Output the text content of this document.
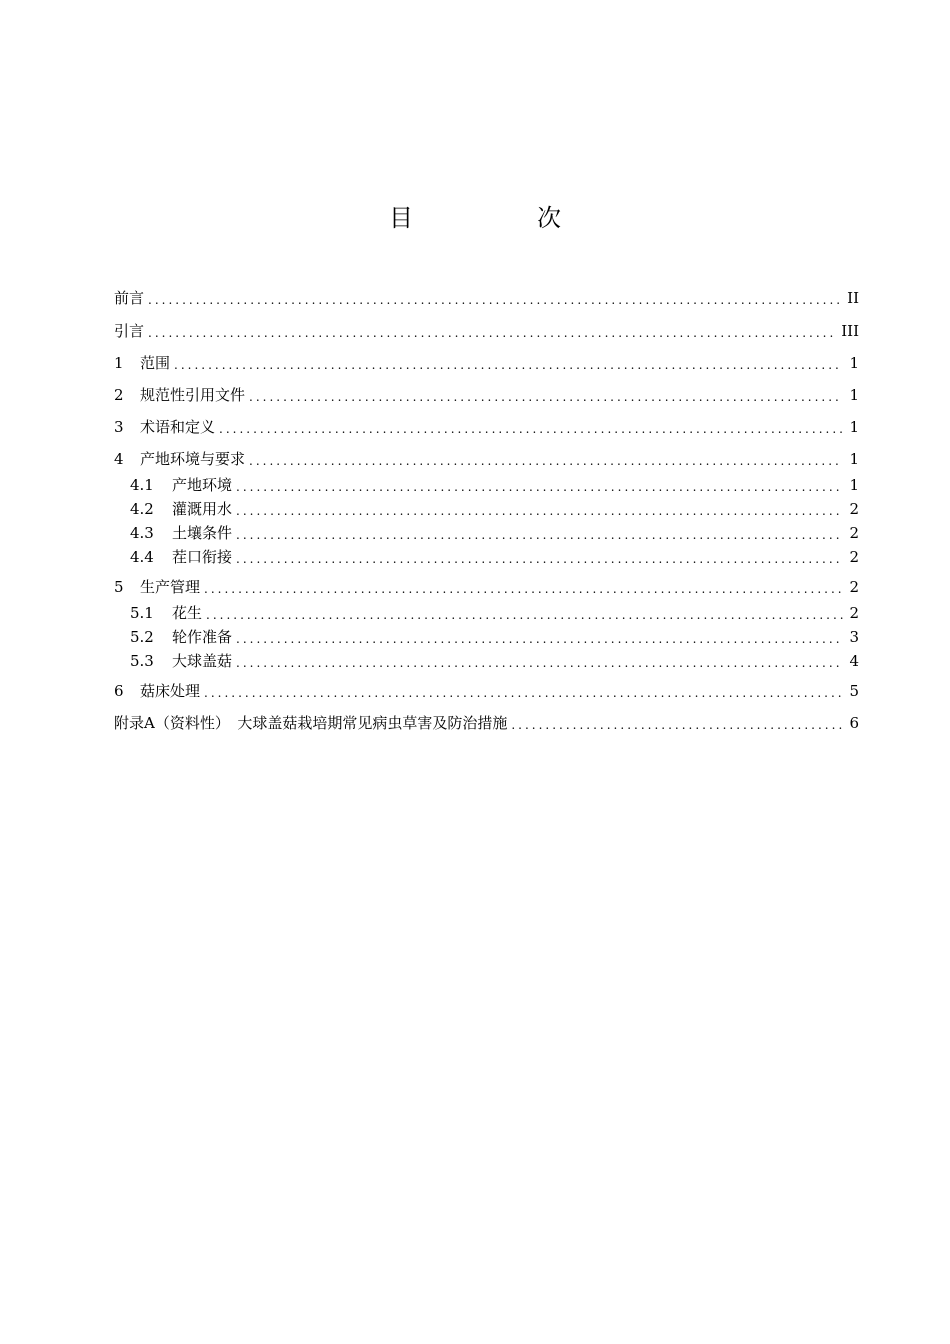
目　次
前言 .....	II
引言 .....	III
1	范围 .....	1
2	规范性引用文件 .....	1
3	术语和定义 .....	1
4	产地环境与要求 .....	1
4.1	产地环境 .....	1
4.2	灌溉用水 .....	2
4.3	土壤条件 .....	2
4.4	茬口衔接 .....	2
5	生产管理 .....	2
5.1	花生 .....	2
5.2	轮作准备 .....	3
5.3	大球盖菇 .....	4
6	菇床处理 .....	5
附录A（资料性）　大球盖菇栽培期常见病虫草害及防治措施 .....	6
